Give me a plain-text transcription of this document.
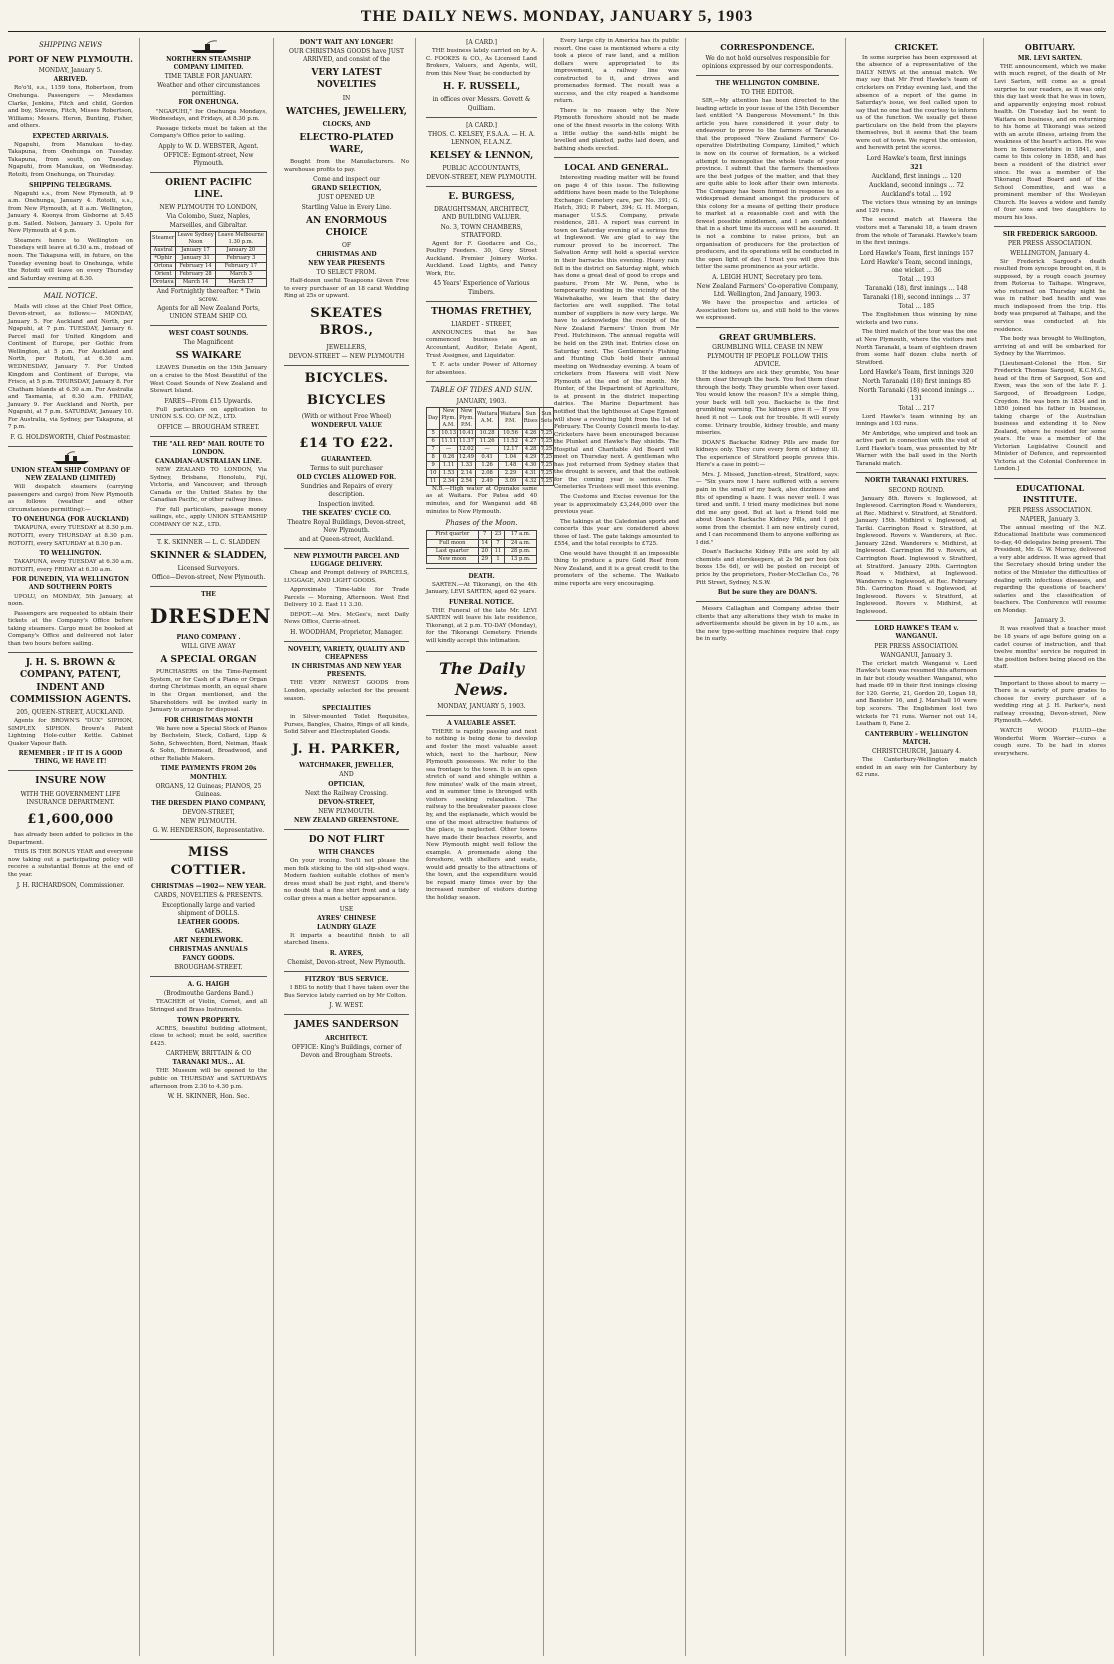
THE DAILY NEWS. MONDAY, JANUARY 5, 1903
SHIPPING NEWS
PORT OF NEW PLYMOUTH.
MONDAY, January 5.
ARRIVED.

Ro'o'il, s.s., 1159 tons, Robertson, from Onehunga. Passengers — Mesdames Clarke, Jenkins, Fitch and child, Gordon and boy, Stevens, Fitch, Misses Robertson, Williams; Messrs. Heron, Bunting, Fisher, and others.

EXPECTED ARRIVALS.

Ngapuhi, from Manukau to-day. Takapuna, from Onehunga on Tuesday. Takapuna, from south, on Tuesday. Ngapuhi, from Manukau, on Wednesday. Rotoiti, from Onehunga, on Thursday.

SHIPPING TELEGRAMS.

Ngapuhi s.s., from New Plymouth, at 9 a.m. Onehunga, January 4. Rotoiti, s.s., from New Plymouth, at 8 a.m. Wellington, January 4. Koonya from Gisborne at 5.45 p.m. Sailed. Nelson, January 3. Upolu for New Plymouth at 4 p.m.

Steamers hence to Wellington on Tuesdays will leave at 6.30 a.m., instead of noon. The Takapuna will, in future, on the Tuesday evening boat to Onehunga, while the Rotoiti will leave on every Thursday and Saturday evening at 8.30.

MAIL NOTICE.

Mails will close at the Chief Post Office, Devon-street, as follows:— MONDAY, January 5. For Auckland and North, per Ngapuhi, at 7 p.m. TUESDAY, January 6. Parcel mail for United Kingdom and Continent of Europe, per Gothic from Wellington, at 5 p.m. For Auckland and North, per Rotoiti, at 6.30 a.m. WEDNESDAY, January 7. For United Kingdom and Continent of Europe, via Frisco, at 5 p.m. THURSDAY, January 8. For Chatham Islands at 6.30 a.m. For Australia and Tasmania, at 6.30 a.m. FRIDAY, January 9. For Auckland and North, per Ngapuhi, at 7 p.m. SATURDAY, January 10. For Australia, via Sydney, per Takapuna, at 7 p.m.

F. G. HOLDSWORTH, Chief Postmaster.
UNION STEAM SHIP COMPANY OF NEW ZEALAND (LIMITED)

Will despatch steamers (carrying passengers and cargo) from New Plymouth as follows (weather and other circumstances permitting):—

TO ONEHUNGA (FOR AUCKLAND)

TAKAPUNA, every TUESDAY at 8.30 p.m. ROTOITI, every THURSDAY at 8.30 p.m. ROTOITI, every SATURDAY at 8.30 p.m.

TO WELLINGTON.

TAKAPUNA, every TUESDAY at 6.30 a.m. ROTOITI, every FRIDAY at 6.30 a.m.

FOR DUNEDIN, VIA WELLINGTON AND SOUTHERN PORTS

UPOLU, on MONDAY, 5th January, at noon.

Passengers are requested to obtain their tickets at the Company's Office before taking steamers. Cargo must be booked at Company's Office and delivered not later than two hours before sailing.

J. H. S. BROWN & COMPANY, PATENT, INDENT AND COMMISSION AGENTS.
205, QUEEN-STREET, AUCKLAND.

Agents for BROWN'S "DUX" SIPHON, SIMPLEX SIPHON. Brown's Patent Lightning Hole-cutter Kettle. Cabinet Quaker Vapour Bath.

REMEMBER : IF IT IS A GOOD THING, WE HAVE IT!
INSURE NOW
WITH THE GOVERNMENT LIFE INSURANCE DEPARTMENT.
£1,600,000

has already been added to policies in the Department.

THIS IS THE BONUS YEAR and everyone now taking out a participating policy will receive a substantial Bonus at the end of the year.

J. H. RICHARDSON, Commissioner.
NORTHERN STEAMSHIP COMPANY LIMITED.
TIME TABLE FOR JANUARY.
Weather and other circumstances permitting.
FOR ONEHUNGA.

"NGAPUHI," for Onehunga Mondays, Wednesdays, and Fridays, at 8.30 p.m.

Passage tickets must be taken at the Company's Office prior to sailing.

Apply to W. D. WEBSTER, Agent.
OFFICE: Egmont-street, New Plymouth.
ORIENT PACIFIC LINE.
NEW PLYMOUTH TO LONDON,
Via Colombo, Suez, Naples, Marseilles, and Gibraltar.
Steamer	Leave Sydney Noon	Leave Melbourne 1.30 p.m.
Austral	January 17	January 20
*Ophir	January 31	February 3
Ortona	February 14	February 17
Orient	February 28	March 3
Orotava	March 14	March 17
And Fortnightly thereafter. * Twin screw.
Agents for all New Zealand Ports, UNION STEAM SHIP CO.
WEST COAST SOUNDS.
The Magnificent
SS WAIKARE

LEAVES Dunedin on the 15th January on a cruise to the Most Beautiful of the West Coast Sounds of New Zealand and Stewart Island.

FARES—From £15 Upwards.

Full particulars on application to UNION S.S. CO. OF N.Z., LTD.

OFFICE — BROUGHAM STREET.
THE "ALL RED" MAIL ROUTE TO LONDON.
CANADIAN-AUSTRALIAN LINE.

NEW ZEALAND TO LONDON, Via Sydney, Brisbane, Honolulu, Fiji, Victoria, and Vancouver, and through Canada or the United States by the Canadian Pacific, or other railway lines.

For full particulars, passage money sailings, etc., apply UNION STEAMSHIP COMPANY OF N.Z., LTD.

T. K. SKINNER — L. C. SLADDEN
SKINNER & SLADDEN,
Licensed Surveyors.
Office—Devon-street, New Plymouth.
THE
DRESDEN
PIANO COMPANY .
WILL GIVE AWAY
A SPECIAL ORGAN

PURCHASERS on the Time-Payment System, or for Cash of a Piano or Organ during Christmas month, an equal share in the Organ mentioned, and the Shareholders will be invited early in January to arrange for disposal.

FOR CHRISTMAS MONTH

We have now a Special Stock of Pianos by Bechstein, Steck, Collard, Lipp & Sohn, Schwechten, Bord, Neiman, Haak & Sohn, Brinsmead, Broadwood, and other Reliable Makers.

TIME PAYMENTS FROM 20s MONTHLY.
ORGANS, 12 Guineas; PIANOS, 25 Guineas.
THE DRESDEN PIANO COMPANY,
DEVON-STREET,
NEW PLYMOUTH.
G. W. HENDERSON, Representative.
MISS COTTIER.
CHRISTMAS —1902— NEW YEAR.
CARDS, NOVELTIES & PRESENTS.
Exceptionally large and varied shipment of DOLLS.
LEATHER GOODS.
GAMES.
ART NEEDLEWORK.
CHRISTMAS ANNUALS
FANCY GOODS.
BROUGHAM-STREET.
A. G. HAIGH
(Brodmouthe Gardens Band.)

TEACHER of Violin, Cornet, and all Stringed and Brass Instruments.

TOWN PROPERTY.

ACRES, beautiful building allotment, close to school; must be sold, sacrifice £425.

CARTHEW, BRITTAIN & CO
TARANAKI MUS... AL

THE Museum will be opened to the public on THURSDAY and SATURDAYS afternoon from 2.30 to 4.30 p.m.

W. H. SKINNER, Hon. Sec.
DON'T WAIT ANY LONGER!
OUR CHRISTMAS GOODS have JUST ARRIVED, and consist of the
VERY LATEST NOVELTIES
IN
WATCHES, JEWELLERY,
CLOCKS, AND
ELECTRO-PLATED WARE,

Bought from the Manufacturers. No warehouse profits to pay.

Come and inspect our
GRAND SELECTION,
JUST OPENED UP.
Startling Value in Every Line.
AN ENORMOUS CHOICE
OF
CHRISTMAS AND
NEW YEAR PRESENTS
TO SELECT FROM.

Half-dozen useful Teaspoons Given Free to every purchaser of an 18 carat Wedding Ring at 25s or upward.

SKEATES BROS.,
JEWELLERS,
DEVON-STREET — NEW PLYMOUTH
BICYCLES.
BICYCLES
(With or without Free Wheel)
WONDERFUL VALUE
£14 TO £22.
GUARANTEED.
Terms to suit purchaser
OLD CYCLES ALLOWED FOR.
Sundries and Repairs of every description.
Inspection invited.
THE SKEATES' CYCLE CO.
Theatre Royal Buildings, Devon-street, New Plymouth.
and at Queen-street, Auckland.
NEW PLYMOUTH PARCEL AND LUGGAGE DELIVERY.

Cheap and Prompt delivery of PARCELS, LUGGAGE, AND LIGHT GOODS.

Approximate Time-table for Trade Parcels — Morning, Afternoon. West End Delivery 10 2. East 11 3.30.

DEPOT.—At Mrs. McGee's, next Daily News Office, Currie-street.

H. WOODHAM, Proprietor, Manager.
NOVELTY, VARIETY, QUALITY AND CHEAPNESS
IN CHRISTMAS AND NEW YEAR PRESENTS.

THE VERY NEWEST GOODS from London, specially selected for the present season.

SPECIALITIES

in Silver-mounted Toilet Requisites, Purses, Bangles, Chains, Rings of all kinds, Solid Silver and Electroplated Goods.

J. H. PARKER,
WATCHMAKER, JEWELLER,
AND
OPTICIAN,
Next the Railway Crossing.
DEVON-STREET,
NEW PLYMOUTH.
NEW ZEALAND GREENSTONE.
DO NOT FLIRT
WITH CHANCES

On your ironing. You'll not please the men folk sticking to the old slip-shod ways. Modern fashion suitable clothes of men's dress must shall be just right, and there's no doubt that a fine shirt front and a tidy collar gives a man a better appearance.

USE
AYRES' CHINESE
LAUNDRY GLAZE

It imparts a beautiful finish to all starched linens.

R. AYRES,
Chemist, Devon-street, New Plymouth.
FITZROY 'BUS SERVICE.

I BEG to notify that I have taken over the Bus Service lately carried on by Mr Colton.

J. W. WEST.
JAMES SANDERSON
ARCHITECT.
OFFICE: King's Buildings, corner of Devon and Brougham Streets.
[A CARD.]

THE business lately carried on by A. C. FOOKES & CO., As Licensed Land Brokers, Valuers, and Agents, will, from this New Year, be conducted by

H. F. RUSSELL,
in offices over Messrs. Govett & Quilliam.
[A CARD.]
THOS. C. KELSEY, F.S.A.A. — H. A. LENNON, F.I.A.N.Z.
KELSEY & LENNON,
PUBLIC ACCOUNTANTS,
DEVON-STREET, NEW PLYMOUTH.
E. BURGESS,
DRAUGHTSMAN, ARCHITECT, AND BUILDING VALUER.
No. 3, TOWN CHAMBERS, STRATFORD.

Agent for F. Goodacre and Co., Poultry Feeders. 30, Grey Street Auckland. Premier Joinery Works. Auckland. Load Lights, and Fancy Work, Etc.

45 Years' Experience of Various Timbers.
THOMAS FRETHEY,
LIARDET - STREET,

ANNOUNCES that he has commenced business as an Accountant, Auditor, Estate Agent, Trust Assignee, and Liquidator.

T. F. acts under Power of Attorney for absentees.

TABLE OF TIDES AND SUN.
JANUARY, 1903.
Day	New Plym. A.M.	New Plym. P.M.	Waitara A.M.	Waitara P.M.	Sun Rises	Sun Sets
5	10.13	10.41	10.28	10.56	4.26	7.25
6	11.11	11.37	11.26	11.52	4.27	7.25
7	—	12.02	—	12.17	4.28	7.25
8	0.26	12.49	0.41	1.04	4.29	7.25
9	1.11	1.33	1.26	1.48	4.30	7.25
10	1.53	2.14	2.08	2.29	4.31	7.25
11	2.34	2.54	2.49	3.09	4.32	7.25

N.B.—High water at Opunake same as at Waitara. For Patea add 40 minutes, and for Wanganui add 48 minutes to New Plymouth.

Phases of the Moon.
First quarter	7	23	17 a.m.
Full moon	14	7	24 a.m.
Last quarter	20	11	28 p.m.
New moon	29	1	13 p.m.
DEATH.

SARTEN.—At Tikorangi, on the 4th January, LEVI SARTEN, aged 62 years.

FUNERAL NOTICE.

THE Funeral of the late Mr. LEVI SARTEN will leave his late residence, Tikorangi, at 2 p.m. TO-DAY (Monday), for the Tikorangi Cemetery. Friends will kindly accept this intimation.

The Daily News.
MONDAY, JANUARY 5, 1903.
A VALUABLE ASSET.

THERE is rapidly passing and next to nothing is being done to develop and foster the most valuable asset which, next to the harbour, New Plymouth possesses. We refer to the sea frontage to the town. It is an open stretch of sand and shingle within a few minutes' walk of the main street, and in summer time is thronged with visitors seeking relaxation. The railway to the breakwater passes close by, and the esplanade, which would be one of the most attractive features of the place, is neglected. Other towns have made their beaches resorts, and New Plymouth might well follow the example. A promenade along the foreshore, with shelters and seats, would add greatly to the attractions of the town, and the expenditure would be repaid many times over by the increased number of visitors during the holiday season.

Every large city in America has its public resort. One case is mentioned where a city took a piece of raw land, and a million dollars were appropriated to its improvement, a railway line was constructed to it, and drives and promenades formed. The result was a success, and the city reaped a handsome return.

There is no reason why the New Plymouth foreshore should not be made one of the finest resorts in the colony. With a little outlay the sand-hills might be levelled and planted, paths laid down, and bathing sheds erected.

LOCAL AND GENERAL.

Interesting reading matter will be found on page 4 of this issue. The following additions have been made to the Telephone Exchange: Cemetery care, per No. 391; G. Hatch, 393; P. Fabert, 394; G. H. Morgan, manager U.S.S. Company, private residence, 281. A report was current in town on Saturday evening of a serious fire at Inglewood. We are glad to say the rumour proved to be incorrect. The Salvation Army will hold a special service in their barracks this evening. Heavy rain fell in the district on Saturday night, which has done a great deal of good to crops and pasture. From Mr W. Penn, who is temporarily residing in the vicinity of the Waiwhakaiho, we learn that the dairy factories are well supplied. The total number of suppliers is now very large. We have to acknowledge the receipt of the New Zealand Farmers' Union from Mr Fred. Hutchinson. The annual regatta will be held on the 29th inst. Entries close on Saturday next. The Gentlemen's Fishing and Hunting Club hold their annual meeting on Wednesday evening. A team of cricketers from Hawera will visit New Plymouth at the end of the month. Mr Hunter, of the Department of Agriculture, is at present in the district inspecting dairies. The Marine Department has notified that the lighthouse at Cape Egmont will show a revolving light from the 1st of February. The County Council meets to-day. Cricketers have been encouraged because the Plunket and Hawke's Bay shields. The Hospital and Charitable Aid Board will meet on Thursday next. A gentleman who has just returned from Sydney states that the drought is severe, and that the outlook for the coming year is serious. The Cemeteries Trustees will meet this evening.

The Customs and Excise revenue for the year is approximately £3,244,000 over the previous year.

The takings at the Caledonian sports and concerts this year are considered above those of last. The gate takings amounted to £554, and the total receipts to £725.

One would have thought it an impossible thing to produce a pure Gold Reef from New Zealand, and it is a great credit to the promoters of the scheme. The Waikato mine reports are very encouraging.

CORRESPONDENCE.
We do not hold ourselves responsible for opinions expressed by our correspondents.
THE WELLINGTON COMBINE.
TO THE EDITOR.

SIR,—My attention has been directed to the leading article in your issue of the 15th December last entitled "A Dangerous Movement." In this article you have considered it your duty to endeavour to prove to the farmers of Taranaki that the proposed "New Zealand Farmers' Co-operative Distributing Company, Limited," which is now on its course of formation, is a wicked attempt to monopolise the whole trade of your province. I submit that the farmers themselves are the best judges of the matter, and that they are quite able to look after their own interests. The Company has been formed in response to a widespread demand amongst the producers of this colony for a means of getting their produce to market at a reasonable cost and with the fewest possible middlemen, and I am confident that in a short time its success will be assured. It is not a combine to raise prices, but an organisation of producers for the protection of producers, and its operations will be conducted in the open light of day. I trust you will give this letter the same prominence as your article.

A. LEIGH HUNT, Secretary pro tem.
New Zealand Farmers' Co-operative Company, Ltd. Wellington, 2nd January, 1903.

We have the prospectus and articles of Association before us, and still hold to the views we expressed.

GREAT GRUMBLERS.
GRUMBLING WILL CEASE IN NEW PLYMOUTH IF PEOPLE FOLLOW THIS ADVICE.

If the kidneys are sick they grumble, You hear them clear through the back. You feel them clear through the body. They grumble when over taxed. You would know the reason? It's a simple thing, your back will tell you. Backache is the first grumbling warning. The kidneys give it — If you heed it not — Look out for trouble. It will surely come. Urinary trouble, kidney trouble, and many miseries.

DOAN'S Backache Kidney Pills are made for kidneys only. They cure every form of kidney ill. The experience of Stratford people proves this. Here's a case in point:—

Mrs. J. Missed, Junction-street, Stratford, says:— "Six years now I have suffered with a severe pain in the small of my back, also dizziness and fits of spending a haze. I was never well. I was tired and unfit. I tried many medicines but none did me any good. But at last a friend told me about Doan's Backache Kidney Pills, and I got some from the chemist. I am now entirely cured, and I can recommend them to anyone suffering as I did."

Doan's Backache Kidney Pills are sold by all chemists and storekeepers, at 2s 9d per box (six boxes 15s 6d), or will be posted on receipt of price by the proprietors, Foster-McClellan Co., 76 Pitt Street, Sydney, N.S.W.

But be sure they are DOAN'S.

Messrs Callaghan and Company advise their clients that any alterations they wish to make in advertisements should be given in by 10 a.m., as the new type-setting machines require that copy be in early.

CRICKET.

In some surprise has been expressed at the absence of a representative of the DAILY NEWS at the annual match. We may say that Mr Fred Hawke's team of cricketers on Friday evening last, and the absence of a report of the game in Saturday's issue, we feel called upon to say that no one had the courtesy to inform us of the function. We usually get these particulars on the field from the players themselves, but it seems that the team were out of town. We regret the omission, and herewith print the scores.

Lord Hawke's team, first innings
321
Auckland, first innings ... 120
Auckland, second innings ... 72
Auckland's total ... 192

The victors thus winning by an innings and 129 runs.

The second match at Hawera the visitors met a Taranaki 18, a team drawn from the whole of Taranaki. Hawke's team in the first innings.

Lord Hawke's Team, first innings 157
Lord Hawke's Team, second innings, one wicket ... 36
Total ... 193
Taranaki (18), first innings ... 148
Taranaki (18), second innings ... 37
Total ... 185

The Englishmen thus winning by nine wickets and two runs.

The third match of the tour was the one at New Plymouth, where the visitors met North Taranaki, a team of eighteen drawn from some half dozen clubs north of Stratford.

Lord Hawke's Team, first innings 320
North Taranaki (18) first innings 85
North Taranaki (18) second innings ... 131
Total ... 217

Lord Hawke's team winning by an innings and 103 runs.

Mr Ambridge, who umpired and took an active part in connection with the visit of Lord Hawke's team, was presented by Mr Warner with the ball used in the North Taranaki match.

NORTH TARANAKI FIXTURES.
SECOND ROUND.

January 8th. Rovers v. Inglewood, at Inglewood. Carrington Road v. Wanderers, at Rec. Midhirst v. Stratford, at Stratford. January 15th. Midhirst v. Inglewood, at Tariki. Carrington Road v. Stratford, at Inglewood. Rovers v. Wanderers, at Rec. January 22nd. Wanderers v. Midhirst, at Inglewood. Carrington Rd v. Rovers, at Carrington Road. Inglewood v. Stratford, at Stratford. January 29th. Carrington Road v. Midhirst, at Inglewood. Wanderers v. Inglewood, at Rec. February 5th. Carrington Road v. Inglewood, at Inglewood. Rovers v. Stratford, at Inglewood. Rovers v. Midhirst, at Inglewood.

LORD HAWKE'S TEAM v. WANGANUI.
PER PRESS ASSOCIATION.
WANGANUI, January 3.

The cricket match Wanganui v. Lord Hawke's team was resumed this afternoon in fair but cloudy weather. Wanganui, who had made 69 in their first innings closing for 120. Gorrie, 21, Gordon 20, Logan 18, and Banister 16, and J. Marshall 10 were top scorers. The Englishmen lost two wickets for 71 runs. Warner not out 14, Leatham 0, Fane 2.

CANTERBURY - WELLINGTON MATCH.
CHRISTCHURCH, January 4.

The Canterbury-Wellington match ended in an easy win for Canterbury by 62 runs.

OBITUARY.
MR. LEVI SARTEN.

THE announcement, which we make with much regret, of the death of Mr Levi Sarten, will come as a great surprise to our readers, as it was only this day last week that he was in town, and apparently enjoying most robust health. On Tuesday last he went to Waitara on business, and on returning to his home at Tikorangi was seized with an acute illness, arising from the weakness of the heart's action. He was born in Somersetshire in 1841, and came to this colony in 1858, and has been a resident of the district ever since. He was a member of the Tikorangi Road Board and of the School Committee, and was a prominent member of the Wesleyan Church. He leaves a widow and family of four sons and two daughters to mourn his loss.

SIR FREDERICK SARGOOD.
PER PRESS ASSOCIATION.
WELLINGTON, January 4.

Sir Frederick Sargood's death resulted from syncope brought on, it is supposed, by a rough coach journey from Rotorua to Taihape. Wingrave, who returned on Thursday night he was in rather bad health and was much indisposed from the trip. His body was prepared at Taihape, and the service was conducted at his residence.

The body was brought to Wellington, arriving at and will be embarked for Sydney by the Warrimoo.

[Lieutenant-Colonel the Hon. Sir Frederick Thomas Sargood, K.C.M.G., head of the firm of Sargood, Son and Ewen, was the son of the late F. J. Sargood, of Broadgreen Lodge, Croydon. He was born in 1834 and in 1850 joined his father in business, taking charge of the Australian business and extending it to New Zealand, where he resided for some years. He was a member of the Victorian Legislative Council and Minister of Defence, and represented Victoria at the Colonial Conference in London.]

EDUCATIONAL INSTITUTE.
PER PRESS ASSOCIATION.
NAPIER, January 3.

The annual meeting of the N.Z. Educational Institute was commenced to-day, 40 delegates being present. The President, Mr. G. W. Murray, delivered a very able address. It was agreed that the Secretary should bring under the notice of the Minister the difficulties of dealing with infectious diseases, and regarding the questions of teachers' salaries and the classification of teachers. The Conference will resume on Monday.

January 3.

It was resolved that a teacher must be 18 years of age before going on a cadet course of instruction, and that twelve months' service be required in the position before being placed on the staff.

Important to those about to marry — There is a variety of pure grades to choose for every purchaser of a wedding ring at J. H. Parker's, next railway crossing, Devon-street, New Plymouth.—Advt.

WATCH WOOD FLUID—the Wonderful Worm Worrier—cures a cough sure. To be had in stores everywhere.
